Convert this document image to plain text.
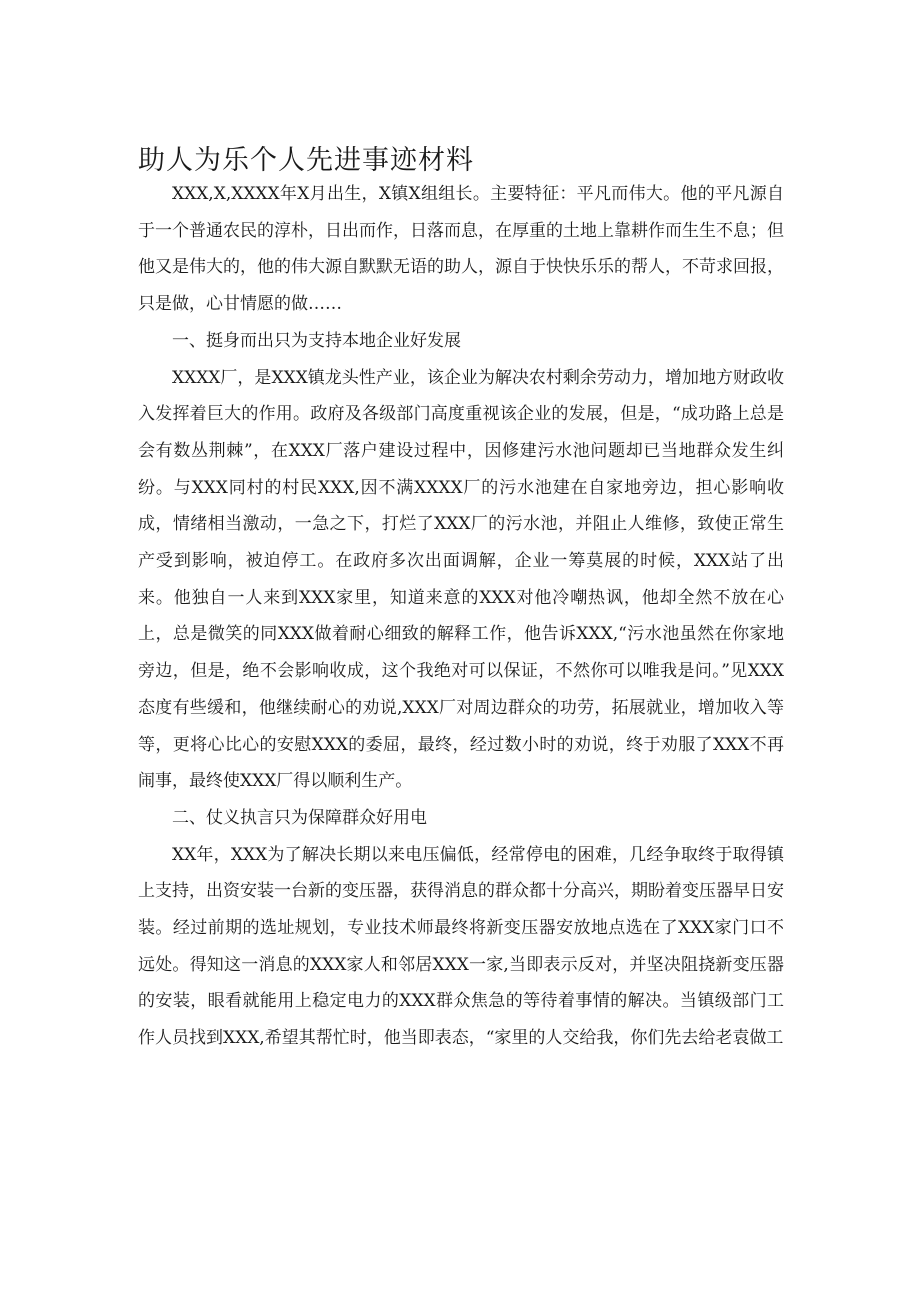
助人为乐个人先进事迹材料

XXX,X,XXXX年X月出生，X镇X组组长。主要特征：平凡而伟大。他的平凡源自于一个普通农民的淳朴，日出而作，日落而息，在厚重的土地上靠耕作而生生不息；但他又是伟大的，他的伟大源自默默无语的助人，源自于快快乐乐的帮人，不苛求回报，只是做，心甘情愿的做……

一、挺身而出只为支持本地企业好发展

XXXX厂，是XXX镇龙头性产业，该企业为解决农村剩余劳动力，增加地方财政收入发挥着巨大的作用。政府及各级部门高度重视该企业的发展，但是，“成功路上总是会有数丛荆棘”，在XXX厂落户建设过程中，因修建污水池问题却已当地群众发生纠纷。与XXX同村的村民XXX,因不满XXXX厂的污水池建在自家地旁边，担心影响收成，情绪相当激动，一急之下，打烂了XXX厂的污水池，并阻止人维修，致使正常生产受到影响，被迫停工。在政府多次出面调解，企业一筹莫展的时候，XXX站了出来。他独自一人来到XXX家里，知道来意的XXX对他冷嘲热讽，他却全然不放在心上，总是微笑的同XXX做着耐心细致的解释工作，他告诉XXX,“污水池虽然在你家地旁边，但是，绝不会影响收成，这个我绝对可以保证，不然你可以唯我是问。”见XXX态度有些缓和，他继续耐心的劝说,XXX厂对周边群众的功劳，拓展就业，增加收入等等，更将心比心的安慰XXX的委屈，最终，经过数小时的劝说，终于劝服了XXX不再闹事，最终使XXX厂得以顺利生产。

二、仗义执言只为保障群众好用电

XX年，XXX为了解决长期以来电压偏低，经常停电的困难，几经争取终于取得镇上支持，出资安装一台新的变压器，获得消息的群众都十分高兴，期盼着变压器早日安装。经过前期的选址规划，专业技术师最终将新变压器安放地点选在了XXX家门口不远处。得知这一消息的XXX家人和邻居XXX一家,当即表示反对，并坚决阻挠新变压器的安装，眼看就能用上稳定电力的XXX群众焦急的等待着事情的解决。当镇级部门工作人员找到XXX,希望其帮忙时，他当即表态，“家里的人交给我，你们先去给老袁做工
